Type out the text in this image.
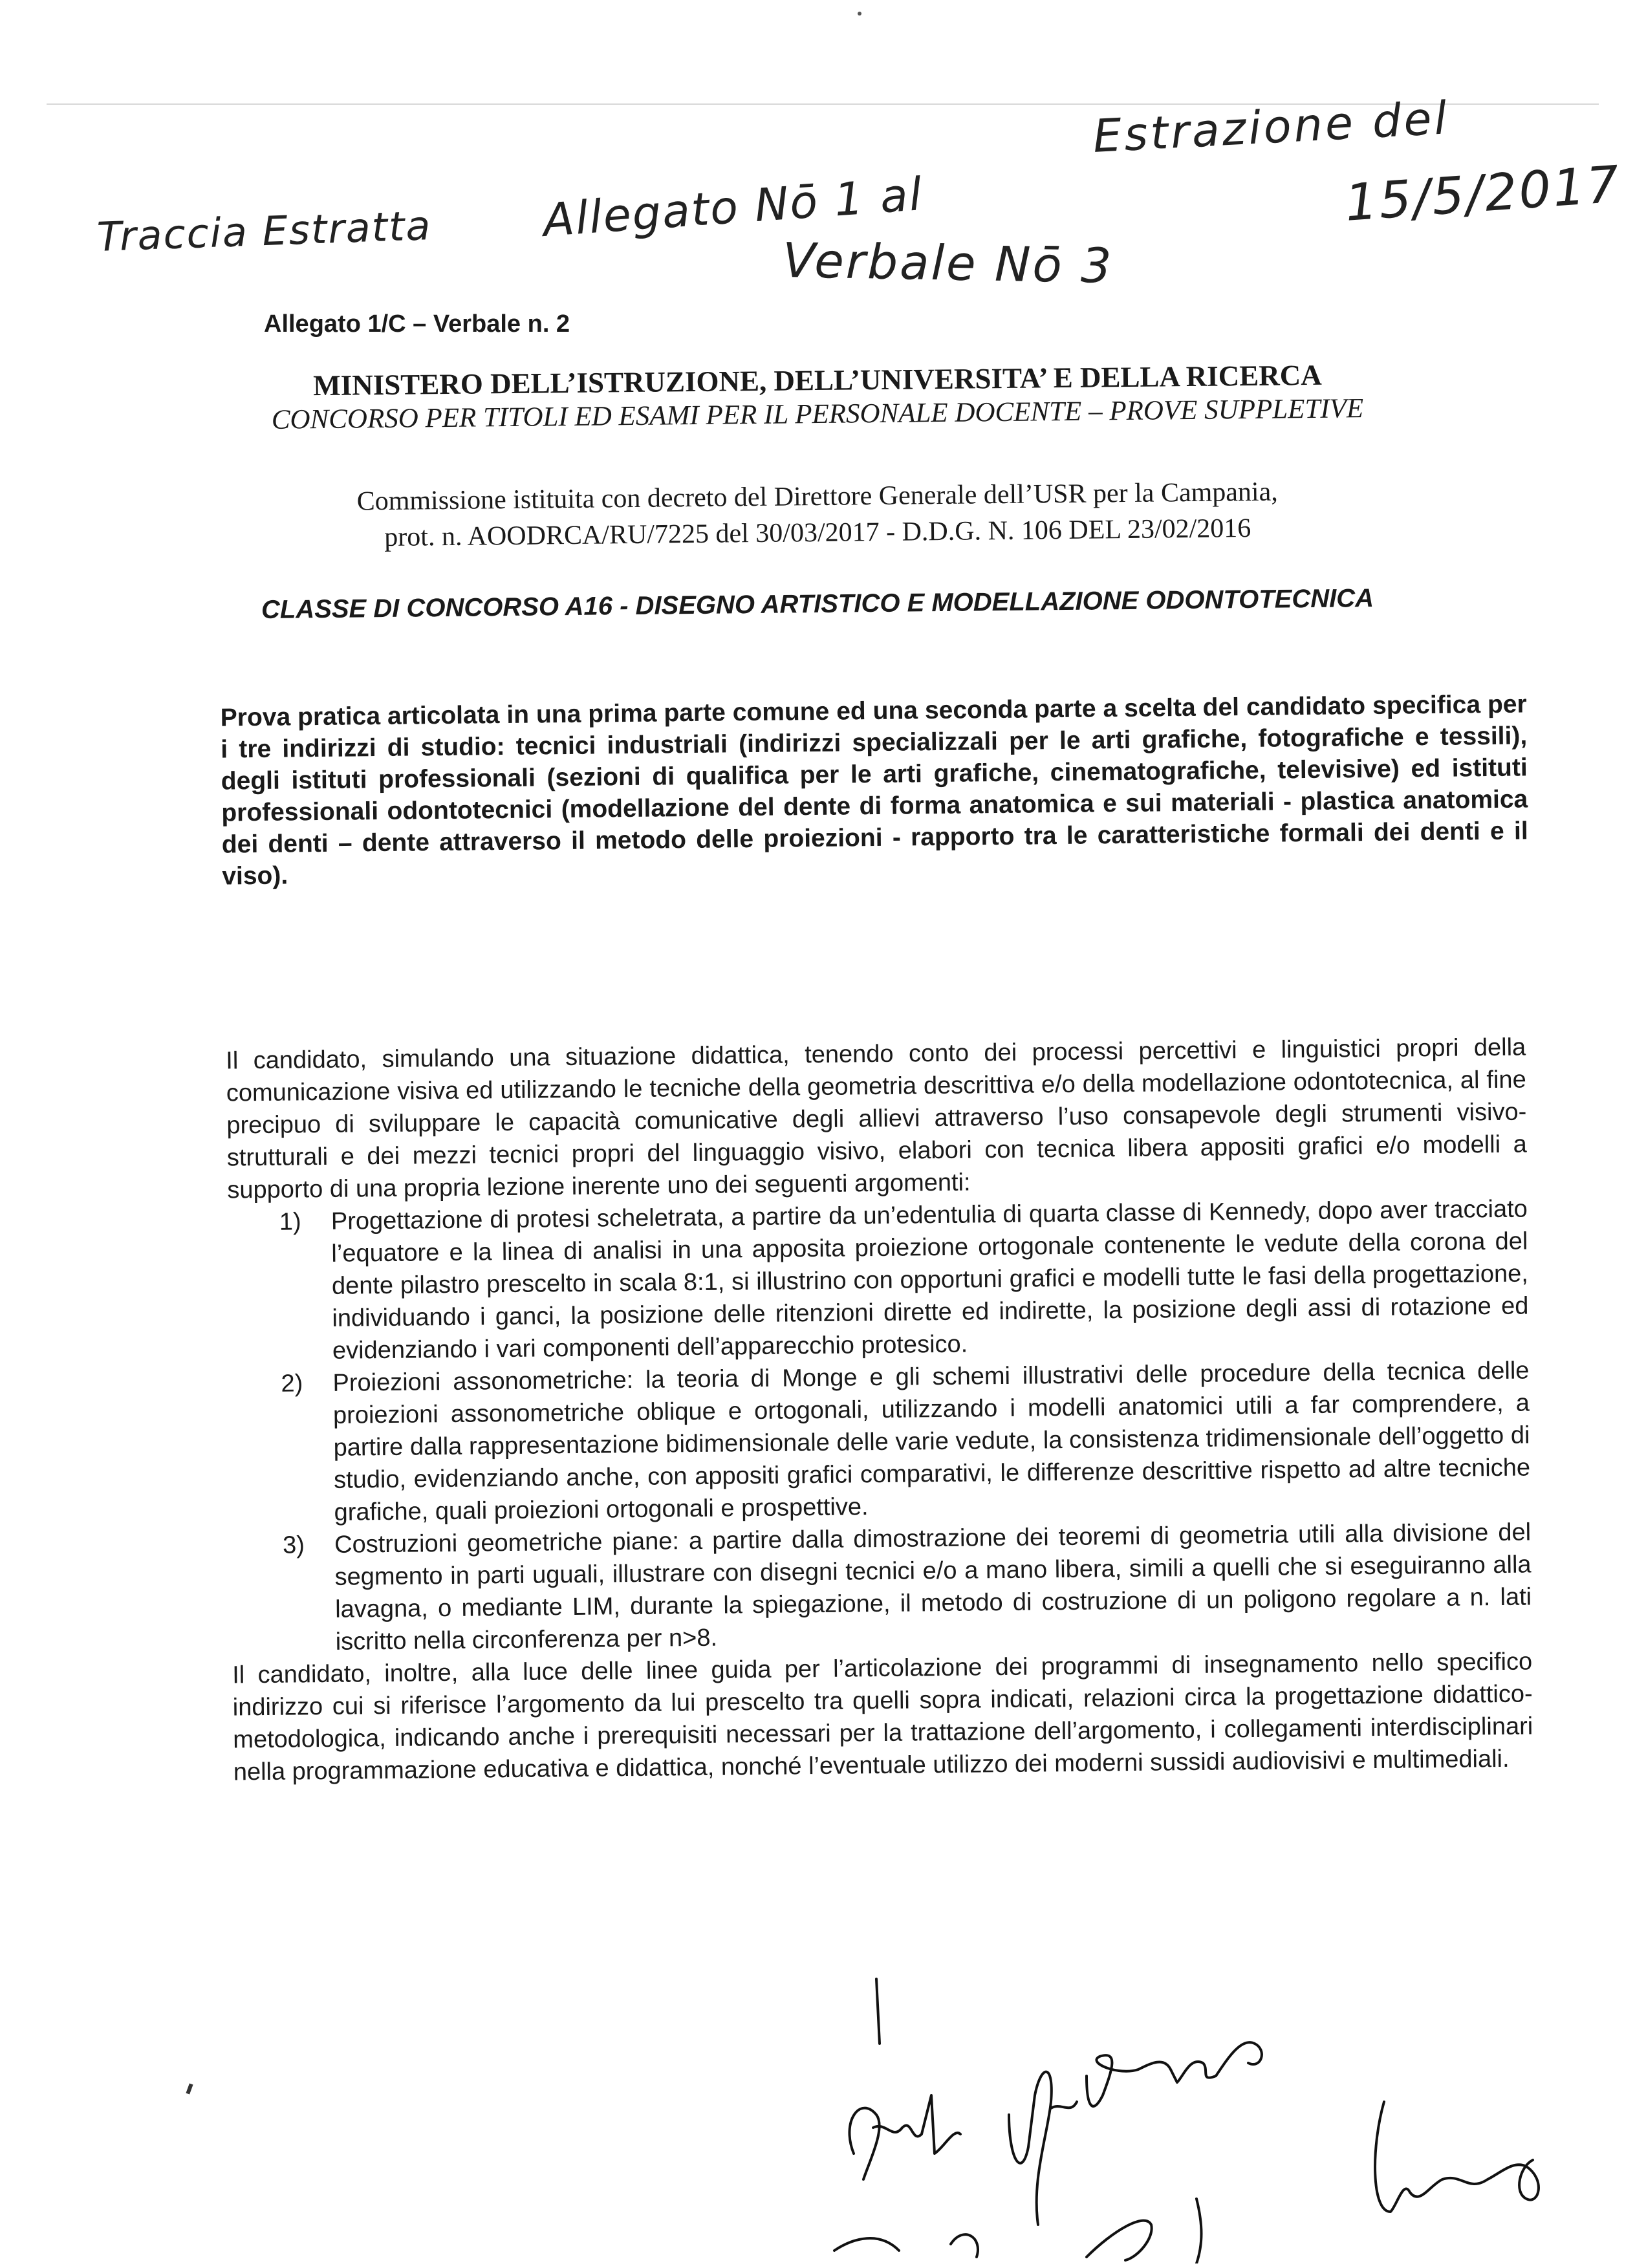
Traccia Estratta Allegato Nō 1 al
Verbale Nō 3
Estrazione del
15/5/2017
Allegato 1/C – Verbale n. 2
MINISTERO DELL’ISTRUZIONE, DELL’UNIVERSITA’ E DELLA RICERCA
CONCORSO PER TITOLI ED ESAMI PER IL PERSONALE DOCENTE – PROVE SUPPLETIVE
Commissione istituita con decreto del Direttore Generale dell’USR per la Campania,
prot. n. AOODRCA/RU/7225 del 30/03/2017 - D.D.G. N. 106 DEL 23/02/2016
CLASSE DI CONCORSO A16 - DISEGNO ARTISTICO E MODELLAZIONE ODONTOTECNICA
Prova pratica articolata in una prima parte comune ed una seconda parte a scelta del candidato specifica per i tre indirizzi di studio: tecnici industriali (indirizzi specializzali per le arti grafiche, fotografiche e tessili), degli istituti professionali (sezioni di qualifica per le arti grafiche, cinematografiche, televisive) ed istituti professionali odontotecnici (modellazione del dente di forma anatomica e sui materiali - plastica anatomica dei denti – dente attraverso il metodo delle proiezioni - rapporto tra le caratteristiche formali dei denti e il viso).

Il candidato, simulando una situazione didattica, tenendo conto dei processi percettivi e linguistici propri della comunicazione visiva ed utilizzando le tecniche della geometria descrittiva e/o della modellazione odontotecnica, al fine precipuo di sviluppare le capacità comunicative degli allievi attraverso l’uso consapevole degli strumenti visivo-strutturali e dei mezzi tecnici propri del linguaggio visivo, elabori con tecnica libera appositi grafici e/o modelli a supporto di una propria lezione inerente uno dei seguenti argomenti:

1) Progettazione di protesi scheletrata, a partire da un’edentulia di quarta classe di Kennedy, dopo aver tracciato l’equatore e la linea di analisi in una apposita proiezione ortogonale contenente le vedute della corona del dente pilastro prescelto in scala 8:1, si illustrino con opportuni grafici e modelli tutte le fasi della progettazione, individuando i ganci, la posizione delle ritenzioni dirette ed indirette, la posizione degli assi di rotazione ed evidenziando i vari componenti dell’apparecchio protesico.
2) Proiezioni assonometriche: la teoria di Monge e gli schemi illustrativi delle procedure della tecnica delle proiezioni assonometriche oblique e ortogonali, utilizzando i modelli anatomici utili a far comprendere, a partire dalla rappresentazione bidimensionale delle varie vedute, la consistenza tridimensionale dell’oggetto di studio, evidenziando anche, con appositi grafici comparativi, le differenze descrittive rispetto ad altre tecniche grafiche, quali proiezioni ortogonali e prospettive.
3) Costruzioni geometriche piane: a partire dalla dimostrazione dei teoremi di geometria utili alla divisione del segmento in parti uguali, illustrare con disegni tecnici e/o a mano libera, simili a quelli che si eseguiranno alla lavagna, o mediante LIM, durante la spiegazione, il metodo di costruzione di un poligono regolare a n. lati iscritto nella circonferenza per n>8.

Il candidato, inoltre, alla luce delle linee guida per l’articolazione dei programmi di insegnamento nello specifico indirizzo cui si riferisce l’argomento da lui prescelto tra quelli sopra indicati, relazioni circa la progettazione didattico-metodologica, indicando anche i prerequisiti necessari per la trattazione dell’argomento, i collegamenti interdisciplinari nella programmazione educativa e didattica, nonché l’eventuale utilizzo dei moderni sussidi audiovisivi e multimediali.
